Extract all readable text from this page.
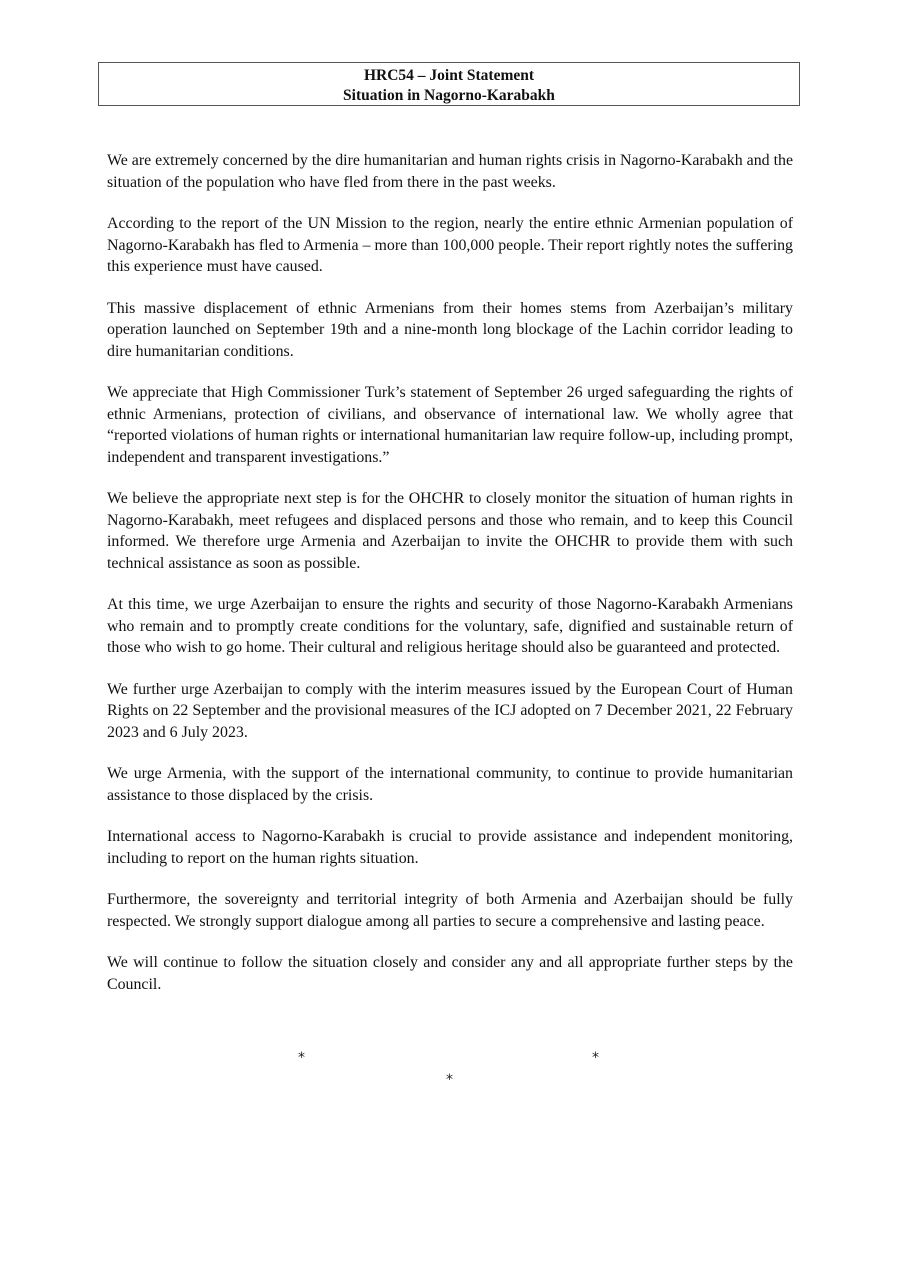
HRC54 – Joint Statement
Situation in Nagorno-Karabakh

We are extremely concerned by the dire humanitarian and human rights crisis in Nagorno-Karabakh and the situation of the population who have fled from there in the past weeks.

According to the report of the UN Mission to the region, nearly the entire ethnic Armenian population of Nagorno-Karabakh has fled to Armenia – more than 100,000 people. Their report rightly notes the suffering this experience must have caused.

This massive displacement of ethnic Armenians from their homes stems from Azerbaijan’s military operation launched on September 19th and a nine-month long blockage of the Lachin corridor leading to dire humanitarian conditions.

We appreciate that High Commissioner Turk’s statement of September 26 urged safeguarding the rights of ethnic Armenians, protection of civilians, and observance of international law. We wholly agree that “reported violations of human rights or international humanitarian law require follow-up, including prompt, independent and transparent investigations.”

We believe the appropriate next step is for the OHCHR to closely monitor the situation of human rights in Nagorno-Karabakh, meet refugees and displaced persons and those who remain, and to keep this Council informed. We therefore urge Armenia and Azerbaijan to invite the OHCHR to provide them with such technical assistance as soon as possible.

At this time, we urge Azerbaijan to ensure the rights and security of those Nagorno-Karabakh Armenians who remain and to promptly create conditions for the voluntary, safe, dignified and sustainable return of those who wish to go home. Their cultural and religious heritage should also be guaranteed and protected.

We further urge Azerbaijan to comply with the interim measures issued by the European Court of Human Rights on 22 September and the provisional measures of the ICJ adopted on 7 December 2021, 22 February 2023 and 6 July 2023.

We urge Armenia, with the support of the international community, to continue to provide humanitarian assistance to those displaced by the crisis.

International access to Nagorno-Karabakh is crucial to provide assistance and independent monitoring, including to report on the human rights situation.

Furthermore, the sovereignty and territorial integrity of both Armenia and Azerbaijan should be fully respected. We strongly support dialogue among all parties to secure a comprehensive and lasting peace.

We will continue to follow the situation closely and consider any and all appropriate further steps by the Council.

*	*
*
